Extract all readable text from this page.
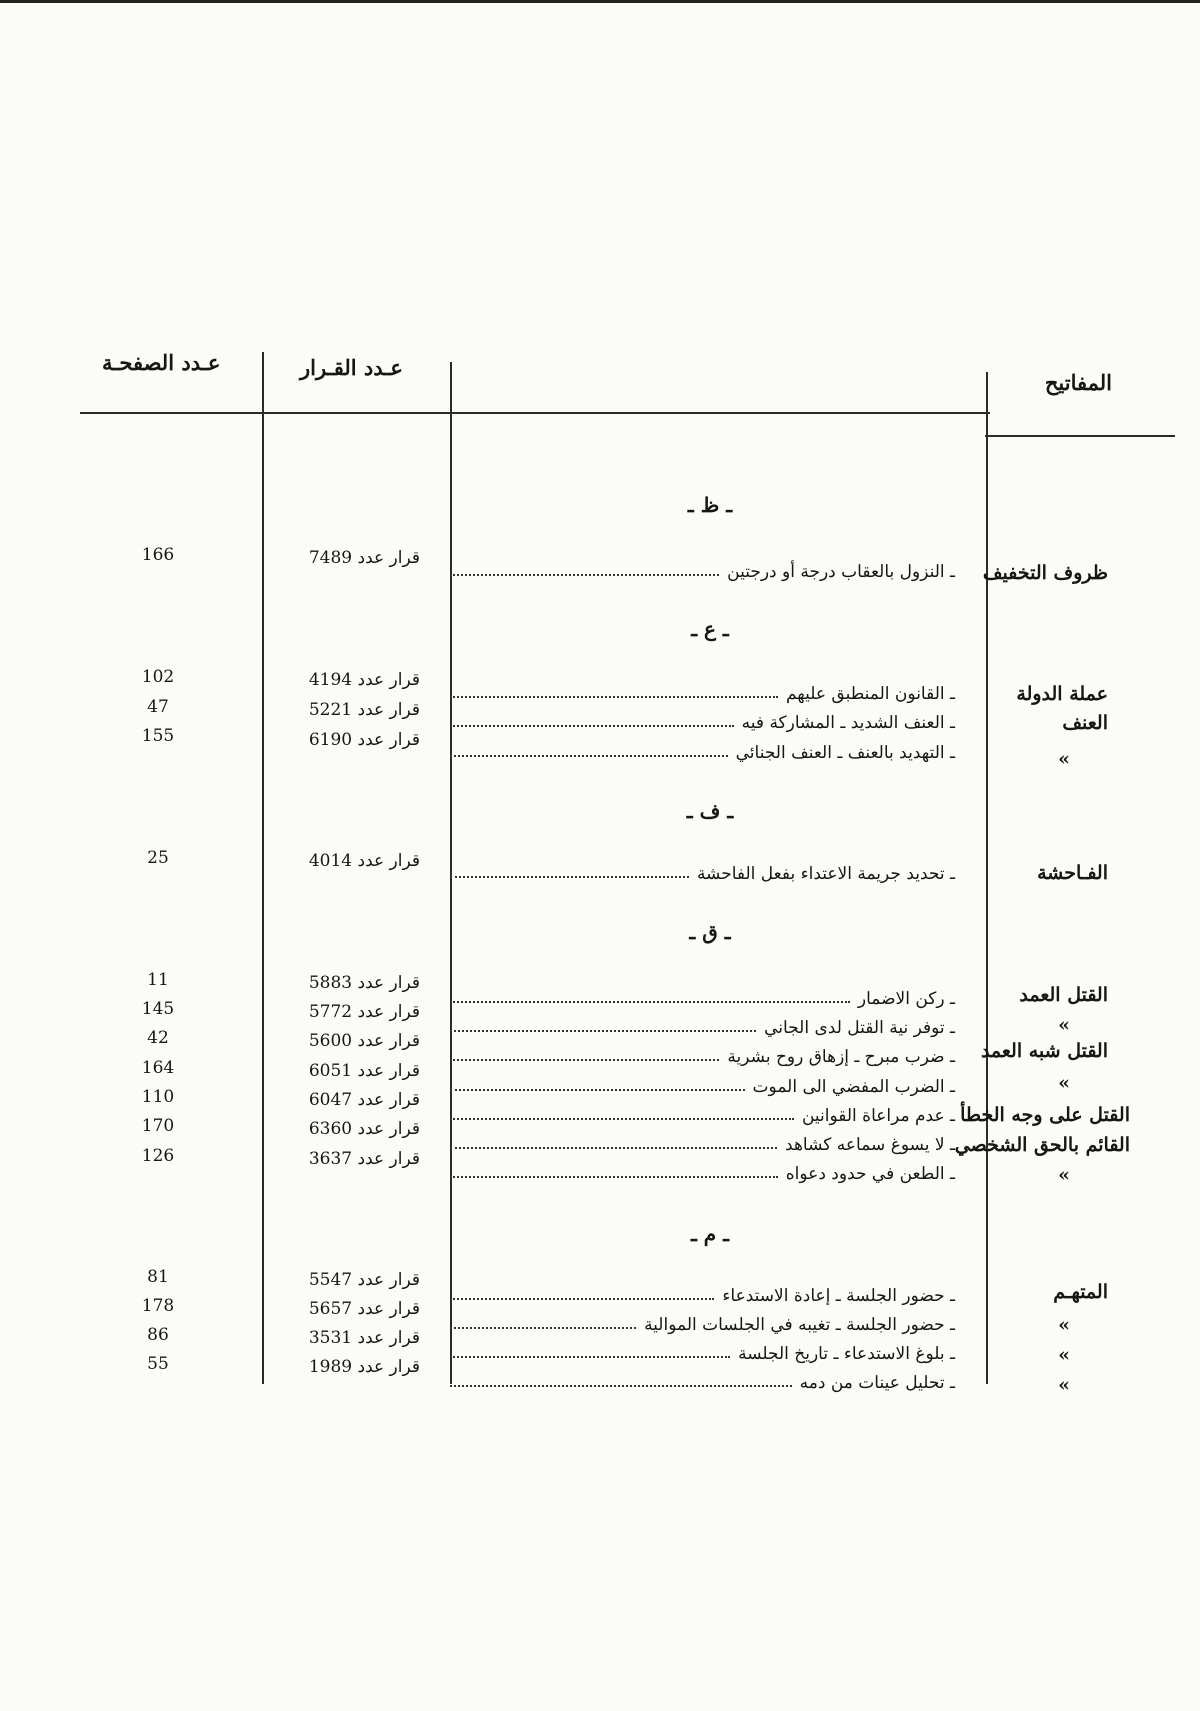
المفاتيح
عـدد القـرار
عـدد الصفحـة
ـ ظ ـ
ـ ع ـ
ـ ف ـ
ـ ق ـ
ـ م ـ
ظروف التخفيف
عملة الدولة
العنف
»
الفـاحشة
القتل العمد
»
القتل شبه العمد
»
القتل على وجه الخطأ
القائم بالحق الشخصي
»
المتهـم
»
»
»
ـ النزول بالعقاب درجة أو درجتين
ـ القانون المنطبق عليهم
ـ العنف الشديد ـ المشاركة فيه
ـ التهديد بالعنف ـ العنف الجنائي
ـ تحديد جريمة الاعتداء بفعل الفاحشة
ـ ركن الاضمار
ـ توفر نية القتل لدى الجاني
ـ ضرب مبرح ـ إزهاق روح بشرية
ـ الضرب المفضي الى الموت
ـ عدم مراعاة القوانين
ـ لا يسوغ سماعه كشاهد
ـ الطعن في حدود دعواه
ـ حضور الجلسة ـ إعادة الاستدعاء
ـ حضور الجلسة ـ تغيبه في الجلسات الموالية
ـ بلوغ الاستدعاء ـ تاريخ الجلسة
ـ تحليل عينات من دمه
قرار عدد 7489
قرار عدد 4194
قرار عدد 5221
قرار عدد 6190
قرار عدد 4014
قرار عدد 5883
قرار عدد 5772
قرار عدد 5600
قرار عدد 6051
قرار عدد 6047
قرار عدد 6360
قرار عدد 3637
قرار عدد 5547
قرار عدد 5657
قرار عدد 3531
قرار عدد 1989
166
102
47
155
25
11
145
42
164
110
170
126
81
178
86
55
